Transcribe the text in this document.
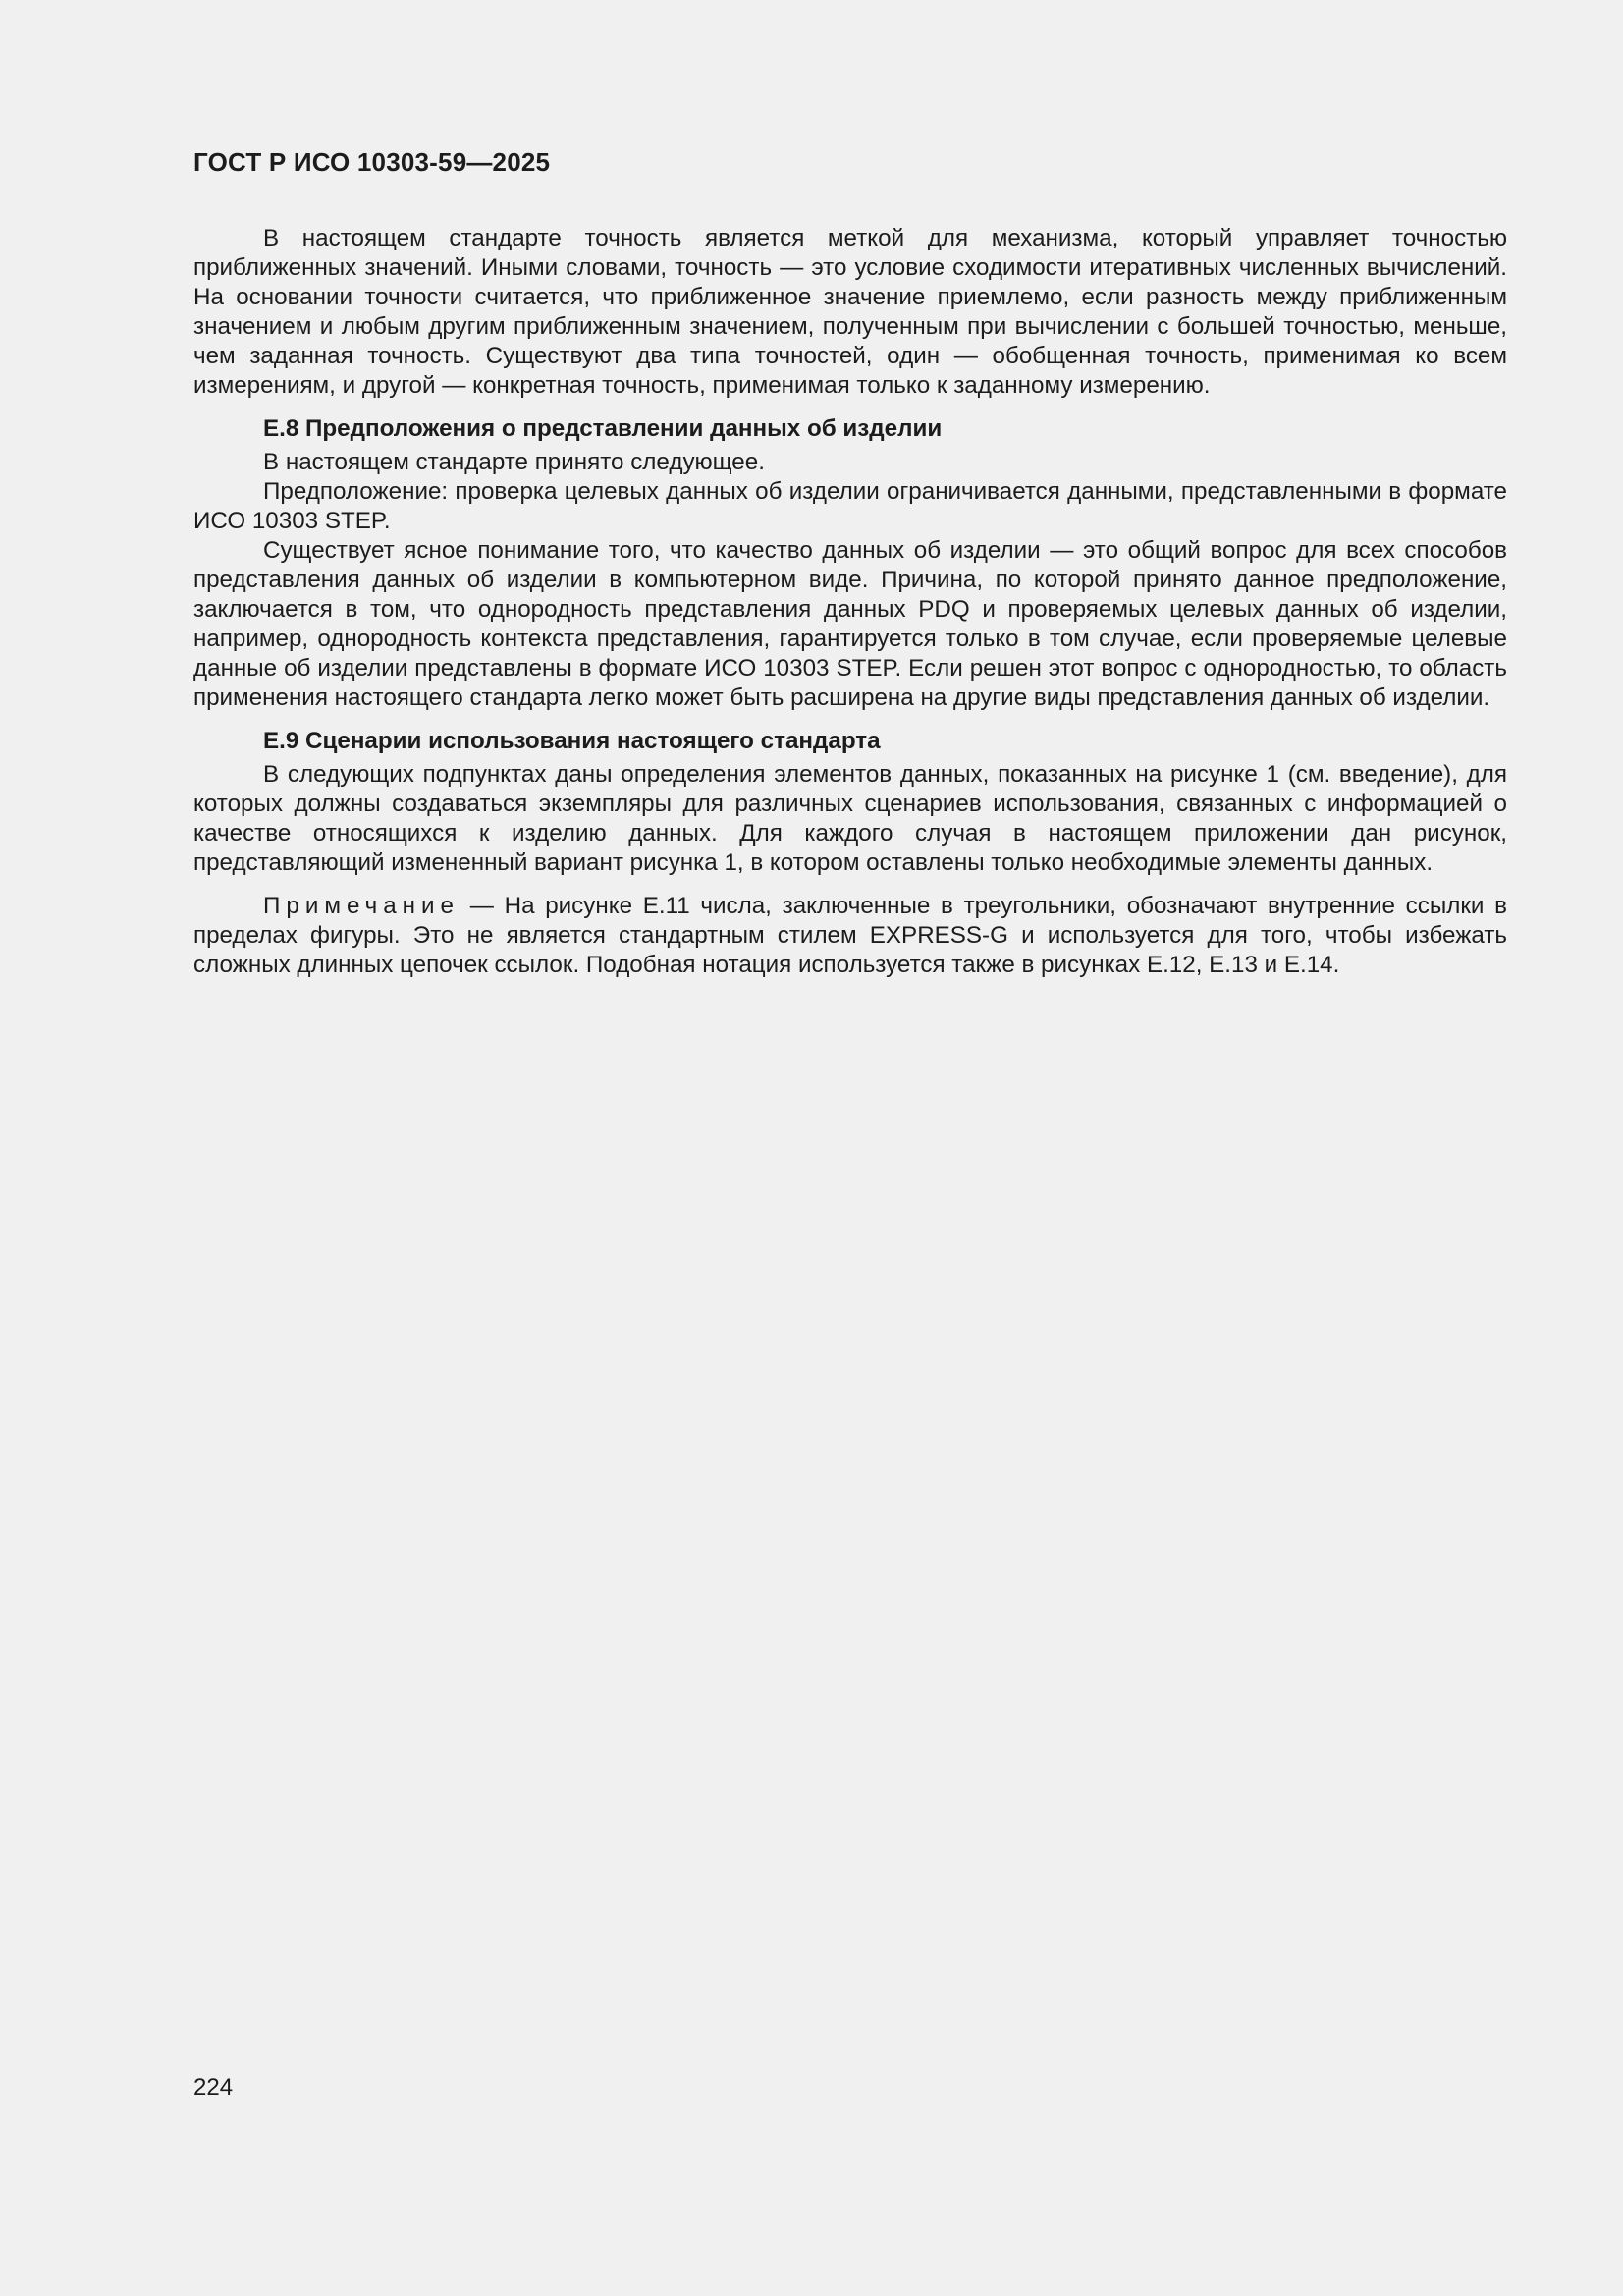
ГОСТ Р ИСО 10303-59—2025

В настоящем стандарте точность является меткой для механизма, который управляет точностью приближенных значений. Иными словами, точность — это условие сходимости итеративных численных вычислений. На основании точности считается, что приближенное значение приемлемо, если разность между приближенным значением и любым другим приближенным значением, полученным при вычислении с большей точностью, меньше, чем заданная точность. Существуют два типа точностей, один — обобщенная точность, применимая ко всем измерениям, и другой — конкретная точность, применимая только к заданному измерению.

Е.8 Предположения о представлении данных об изделии

В настоящем стандарте принято следующее.

Предположение: проверка целевых данных об изделии ограничивается данными, представленными в формате ИСО 10303 STEP.

Существует ясное понимание того, что качество данных об изделии — это общий вопрос для всех способов представления данных об изделии в компьютерном виде. Причина, по которой принято данное предположение, заключается в том, что однородность представления данных PDQ и проверяемых целевых данных об изделии, например, однородность контекста представления, гарантируется только в том случае, если проверяемые целевые данные об изделии представлены в формате ИСО 10303 STEP. Если решен этот вопрос с однородностью, то область применения настоящего стандарта легко может быть расширена на другие виды представления данных об изделии.

Е.9 Сценарии использования настоящего стандарта

В следующих подпунктах даны определения элементов данных, показанных на рисунке 1 (см. введение), для которых должны создаваться экземпляры для различных сценариев использования, связанных с информацией о качестве относящихся к изделию данных. Для каждого случая в настоящем приложении дан рисунок, представляющий измененный вариант рисунка 1, в котором оставлены только необходимые элементы данных.

Примечание — На рисунке Е.11 числа, заключенные в треугольники, обозначают внутренние ссылки в пределах фигуры. Это не является стандартным стилем EXPRESS-G и используется для того, чтобы избежать сложных длинных цепочек ссылок. Подобная нотация используется также в рисунках Е.12, Е.13 и Е.14.

224
